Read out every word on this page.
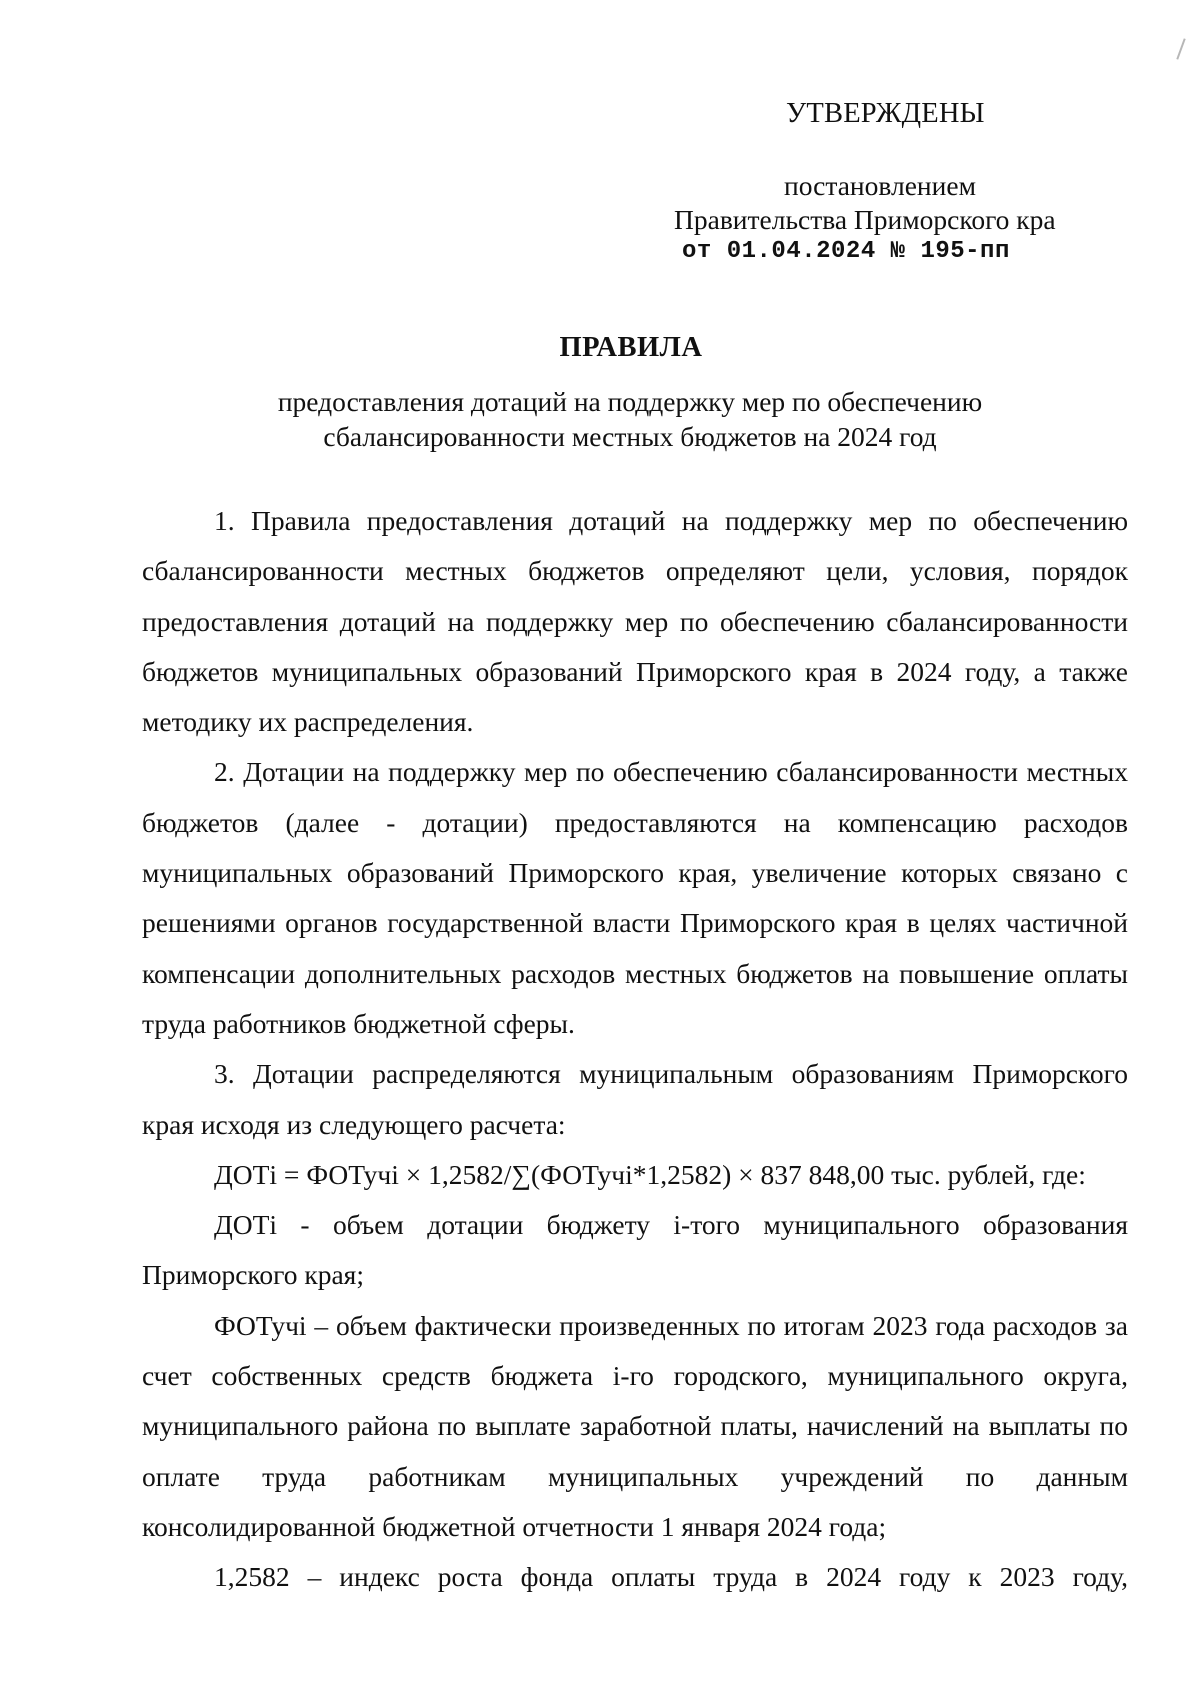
УТВЕРЖДЕНЫ
постановлением
Правительства Приморского кра
от 01.04.2024 № 195-пп
ПРАВИЛА
предоставления дотаций на поддержку мер по обеспечению
сбалансированности местных бюджетов на 2024 год

1. Правила предоставления дотаций на поддержку мер по обеспечению сбалансированности местных бюджетов определяют цели, условия, порядок предоставления дотаций на поддержку мер по обеспечению сбалансированности бюджетов муниципальных образований Приморского края в 2024 году, а также методику их распределения.

2. Дотации на поддержку мер по обеспечению сбалансированности местных бюджетов (далее - дотации) предоставляются на компенсацию расходов муниципальных образований Приморского края, увеличение которых связано с решениями органов государственной власти Приморского края в целях частичной компенсации дополнительных расходов местных бюджетов на повышение оплаты труда работников бюджетной сферы.

3. Дотации распределяются муниципальным образованиям Приморского края исходя из следующего расчета:

ДОТi = ФОТучi × 1,2582/∑(ФОТучi*1,2582) × 837 848,00 тыс. рублей, где:

ДОТi - объем дотации бюджету i-того муниципального образования Приморского края;

ФОТучi – объем фактически произведенных по итогам 2023 года расходов за счет собственных средств бюджета i-го городского, муниципального округа, муниципального района по выплате заработной платы, начислений на выплаты по оплате труда работникам муниципальных учреждений по данным консолидированной бюджетной отчетности 1 января 2024 года;

1,2582 – индекс роста фонда оплаты труда в 2024 году к 2023 году,
